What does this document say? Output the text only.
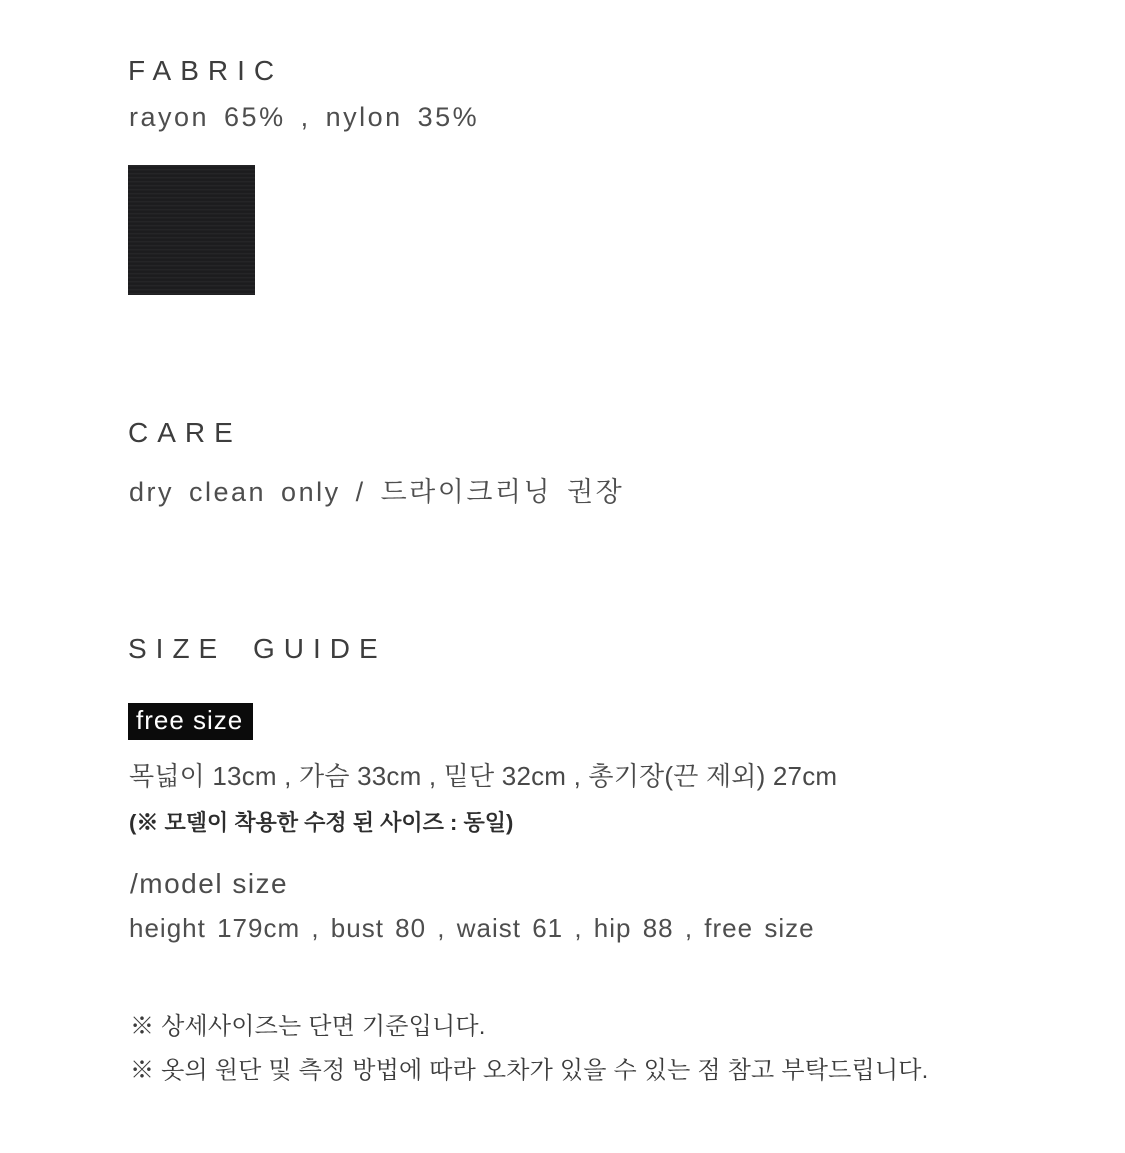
FABRIC
rayon 65% , nylon 35%
CARE
dry clean only / 드라이크리닝 권장
SIZE GUIDE
free size
목넓이 13cm , 가슴 33cm , 밑단 32cm , 총기장(끈 제외) 27cm
(※ 모델이 착용한 수정 된 사이즈 : 동일)
/model size
height 179cm , bust 80 , waist 61 , hip 88 , free size
※ 상세사이즈는 단면 기준입니다.
※ 옷의 원단 및 측정 방법에 따라 오차가 있을 수 있는 점 참고 부탁드립니다.
